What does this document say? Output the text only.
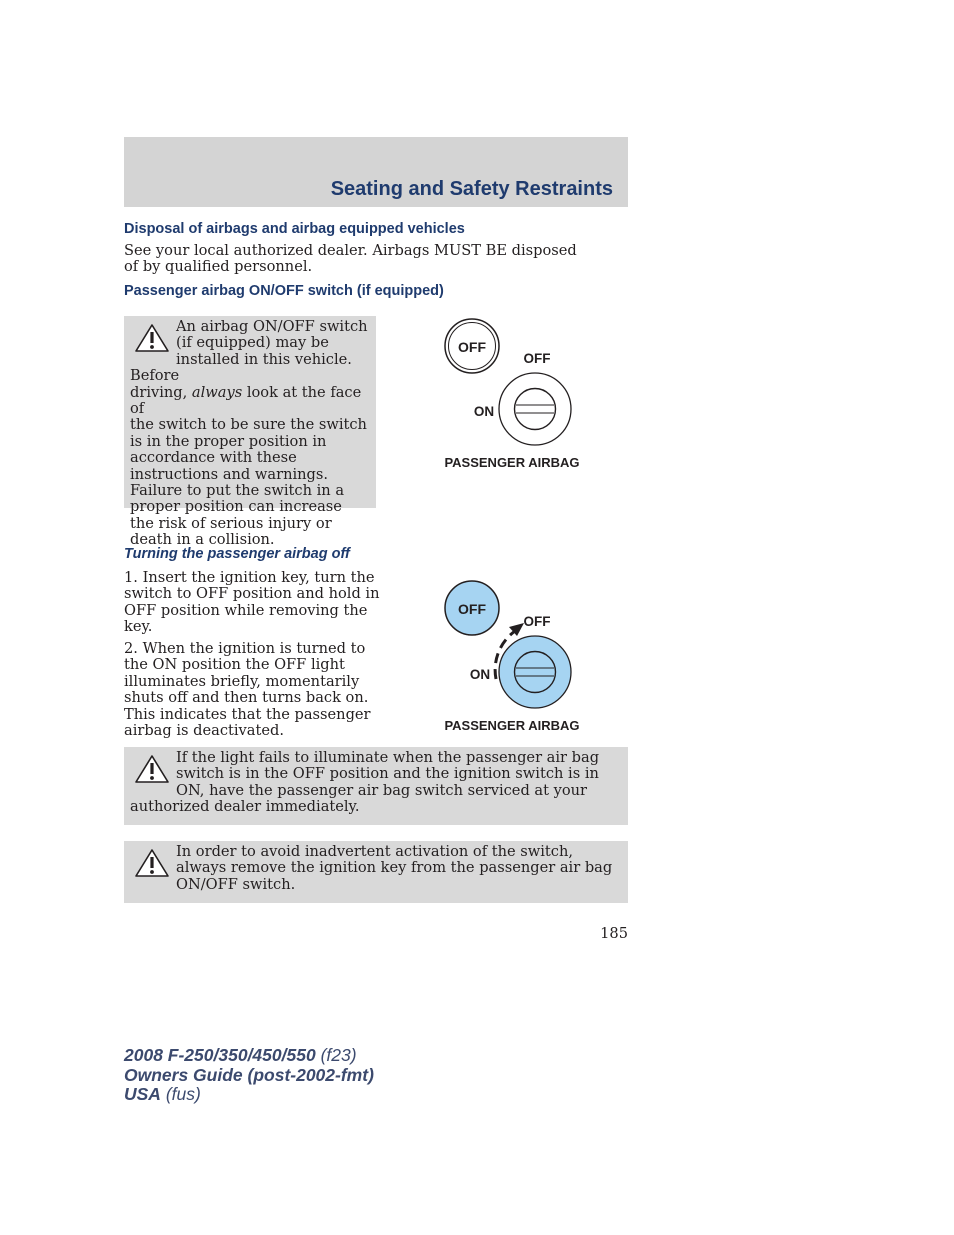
Seating and Safety Restraints
Disposal of airbags and airbag equipped vehicles
See your local authorized dealer. Airbags MUST BE disposed of by qualified personnel.
Passenger airbag ON/OFF switch (if equipped)
An airbag ON/OFF switch
(if equipped) may be
installed in this vehicle. Before
driving, always look at the face of
the switch to be sure the switch is in the proper position in accordance with these instructions and warnings. Failure to put the switch in a proper position can increase the risk of serious injury or death in a collision.
OFF
OFF
ON
PASSENGER AIRBAG
Turning the passenger airbag off
1. Insert the ignition key, turn the switch to OFF position and hold in OFF position while removing the key.
2. When the ignition is turned to the ON position the OFF light illuminates briefly, momentarily shuts off and then turns back on. This indicates that the passenger airbag is deactivated.
OFF
OFF
ON
PASSENGER AIRBAG
If the light fails to illuminate when the passenger air bag switch is in the OFF position and the ignition switch is in ON, have the passenger air bag switch serviced at your authorized dealer immediately.
In order to avoid inadvertent activation of the switch, always remove the ignition key from the passenger air bag ON/OFF switch.
185
2008 F-250/350/450/550 (f23)
Owners Guide (post-2002-fmt)
USA (fus)
